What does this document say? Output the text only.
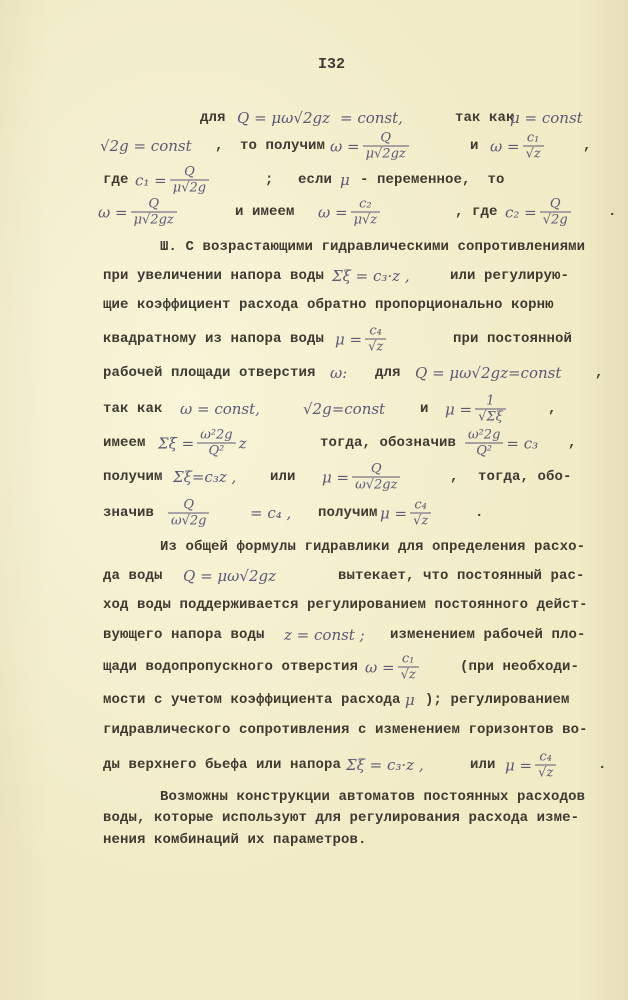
I32
для Q = μω√2gz = const,	так как
μ = const
√2g = const , то получим $\omega = \frac{Q}{\mu√2gz}$	и $\omega = \frac{\text{c₁}}{√z}$	,
где $c_1 = \frac{Q}{\mu√2g}$	; если μ - переменное,  то
$\omega = \frac{Q}{\mu√2gz}$	и имеем $\omega = \frac{\text{c₂}}{\mu√z}$	, где $c_2 = \frac{Q}{√2g}$	.
Ш. С возрастающими гидравлическими сопротивлениями
при увеличении напора воды Σξ = c₃·z ,	или регулирую-
щие коэффициент расхода обратно пропорционально корню
квадратному из напора воды $\mu = \frac{\text{c₄}}{√z}$	при постоянной
рабочей площади отверстия ω: для Q = μω√2gz=const ,
так как ω = const,	√2g=const и $\mu = \frac{1}{√\Sigma\xi}$	,
имеем $\Sigma\xi = \frac{\text{ω²2g}}{\text{Q²}}$ z	тогда, обозначив $\frac{\text{ω²2g}}{\text{Q²}} = c_3$ ,
получим Σξ=c₃z , или $\mu = \frac{Q}{\omega√2gz}$	, тогда, обо-
значив $\frac{Q}{\omega√2g}$	= c₄ , получим $\mu = \frac{\text{c₄}}{√z}$	.
Из общей формулы гидравлики для определения расхо-
да воды Q = μω√2gz	вытекает, что постоянный рас-
ход воды поддерживается регулированием постоянного дейст-
вующего напора воды z = const ; изменением рабочей пло-
щади водопропускного отверстия $\omega = \frac{\text{c₁}}{√z}$	(при необходи-
мости с учетом коэффициента расхода μ ); регулированием
гидравлического сопротивления с изменением горизонтов во-
ды верхнего бьефа или напора Σξ = c₃·z ,	или $\mu = \frac{\text{c₄}}{√z}$	.
Возможны конструкции автоматов постоянных расходов
воды, которые используют для регулирования расхода изме-
нения комбинаций их параметров.
